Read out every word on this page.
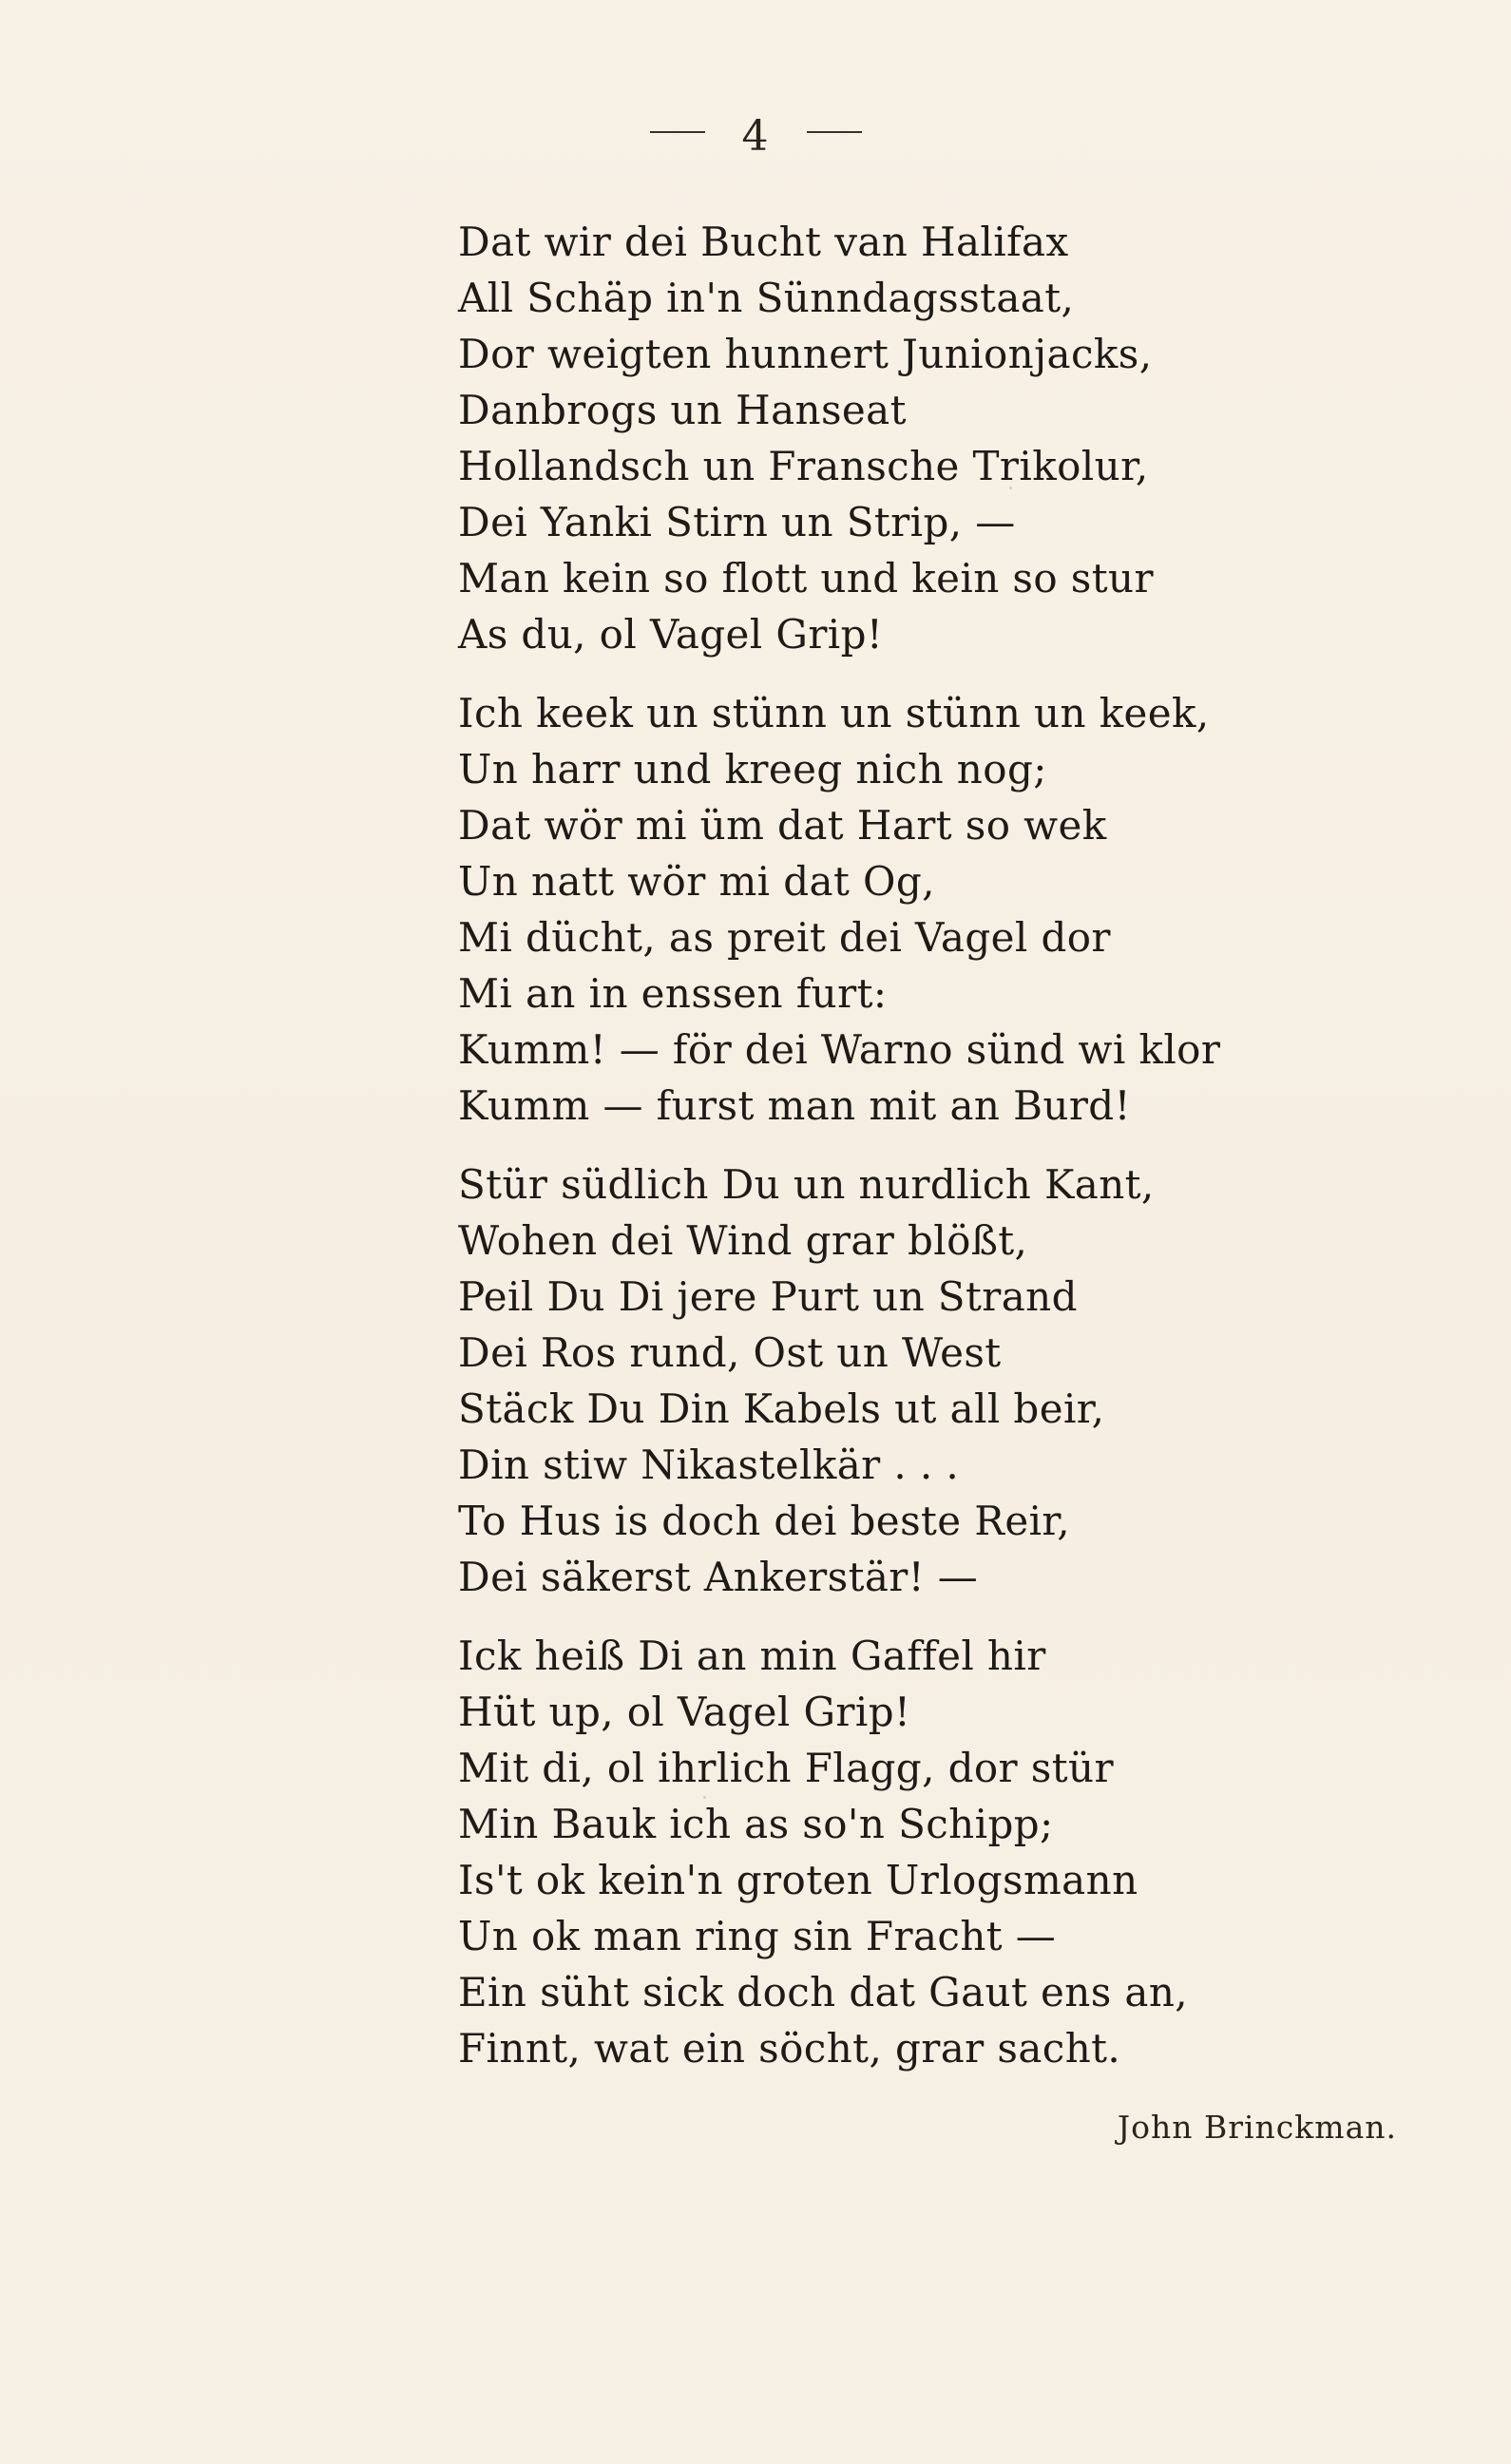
4
Dat wir dei Bucht van Halifax
All Schäp in'n Sünndagsstaat,
Dor weigten hunnert Junionjacks,
Danbrogs un Hanseat
Hollandsch un Fransche Trikolur,
Dei Yanki Stirn un Strip, —
Man kein so flott und kein so stur
As du, ol Vagel Grip!
Ich keek un stünn un stünn un keek,
Un harr und kreeg nich nog;
Dat wör mi üm dat Hart so wek
Un natt wör mi dat Og,
Mi dücht, as preit dei Vagel dor
Mi an in enssen furt:
Kumm! — för dei Warno sünd wi klor
Kumm — furst man mit an Burd!
Stür südlich Du un nurdlich Kant,
Wohen dei Wind grar blößt,
Peil Du Di jere Purt un Strand
Dei Ros rund, Ost un West
Stäck Du Din Kabels ut all beir,
Din stiw Nikastelkär . . .
To Hus is doch dei beste Reir,
Dei säkerst Ankerstär! —
Ick heiß Di an min Gaffel hir
Hüt up, ol Vagel Grip!
Mit di, ol ihrlich Flagg, dor stür
Min Bauk ich as so'n Schipp;
Is't ok kein'n groten Urlogsmann
Un ok man ring sin Fracht —
Ein süht sick doch dat Gaut ens an,
Finnt, wat ein söcht, grar sacht.
John Brinckman.
